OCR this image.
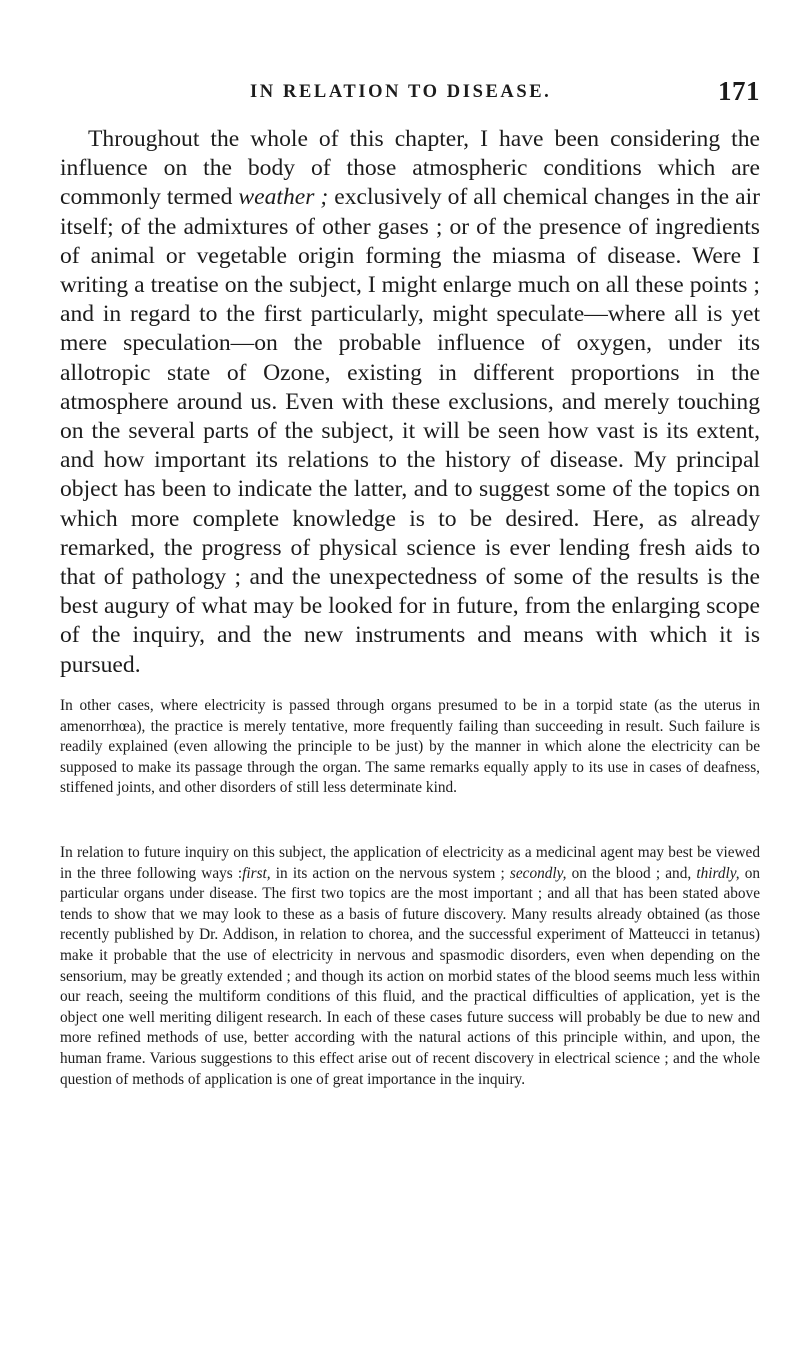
IN RELATION TO DISEASE.	171

Throughout the whole of this chapter, I have been considering the influence on the body of those atmospheric conditions which are commonly termed weather ; exclusively of all chemical changes in the air itself; of the admixtures of other gases ; or of the presence of ingredients of animal or vegetable origin forming the miasma of disease. Were I writing a treatise on the subject, I might enlarge much on all these points ; and in regard to the first particularly, might speculate—where all is yet mere speculation—on the probable influence of oxygen, under its allotropic state of Ozone, existing in different proportions in the atmosphere around us. Even with these exclusions, and merely touching on the several parts of the subject, it will be seen how vast is its extent, and how important its relations to the history of disease. My principal object has been to indicate the latter, and to suggest some of the topics on which more complete knowledge is to be desired. Here, as already remarked, the progress of physical science is ever lending fresh aids to that of pathology ; and the unexpectedness of some of the results is the best augury of what may be looked for in future, from the enlarging scope of the inquiry, and the new instruments and means with which it is pursued.

In other cases, where electricity is passed through organs presumed to be in a torpid state (as the uterus in amenorrhœa), the practice is merely tentative, more frequently failing than succeeding in result. Such failure is readily explained (even allowing the principle to be just) by the manner in which alone the electricity can be supposed to make its passage through the organ. The same remarks equally apply to its use in cases of deafness, stiffened joints, and other disorders of still less determinate kind.

In relation to future inquiry on this subject, the application of electricity as a medicinal agent may best be viewed in the three following ways :first, in its action on the nervous system ; secondly, on the blood ; and, thirdly, on particular organs under disease. The first two topics are the most important ; and all that has been stated above tends to show that we may look to these as a basis of future discovery. Many results already obtained (as those recently published by Dr. Addison, in relation to chorea, and the successful experiment of Matteucci in tetanus) make it probable that the use of electricity in nervous and spasmodic disorders, even when depending on the sensorium, may be greatly extended ; and though its action on morbid states of the blood seems much less within our reach, seeing the multiform conditions of this fluid, and the practical difficulties of application, yet is the object one well meriting diligent research. In each of these cases future success will probably be due to new and more refined methods of use, better according with the natural actions of this principle within, and upon, the human frame. Various suggestions to this effect arise out of recent discovery in electrical science ; and the whole question of methods of application is one of great importance in the inquiry.
